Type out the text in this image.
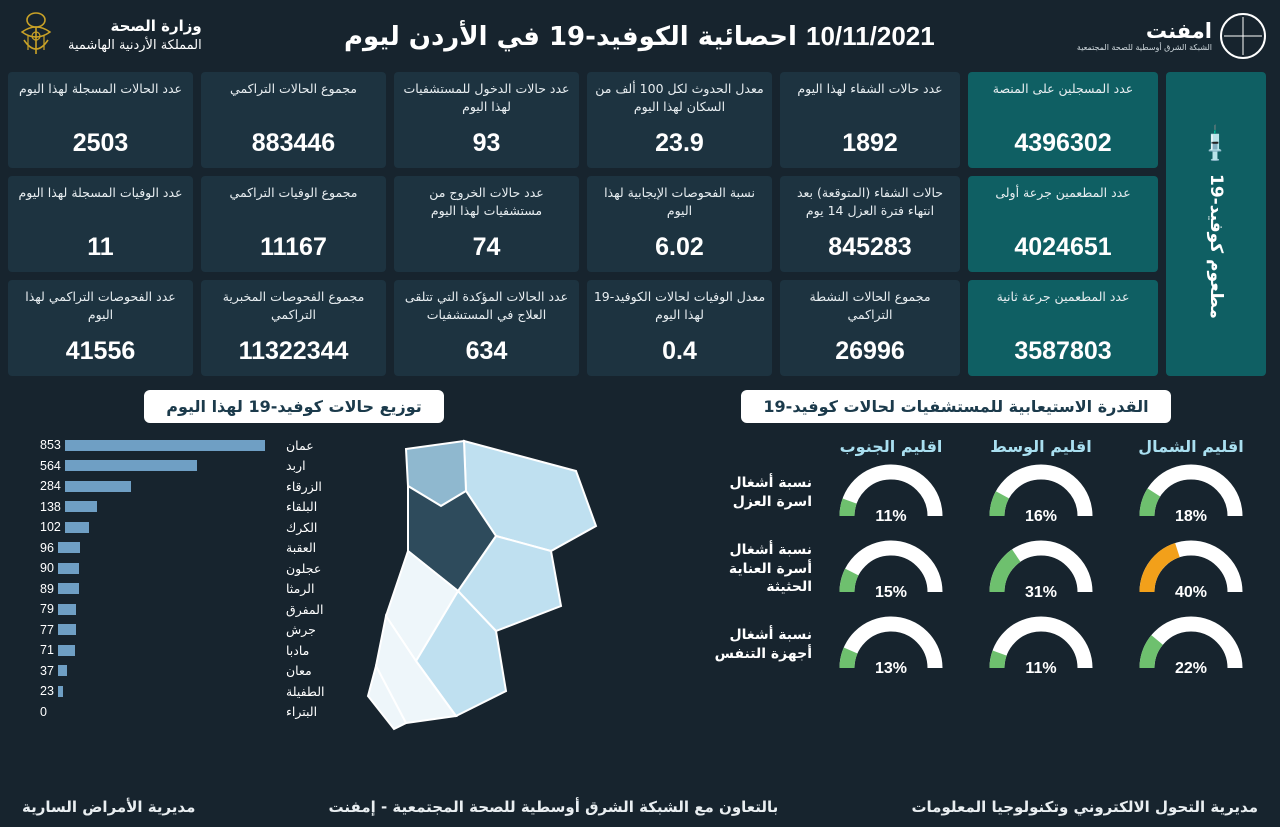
امفنت
الشبكة الشرق أوسطية للصحة المجتمعية
10/11/2021 احصائية الكوفيد-19 في الأردن ليوم
وزارة الصحة
المملكة الأردنية الهاشمية
💉
مطعوم كوفيد-19
عدد المسجلين على المنصة
4396302
عدد حالات الشفاء لهذا اليوم
1892
معدل الحدوث لكل 100 ألف من السكان لهذا اليوم
23.9
عدد حالات الدخول للمستشفيات لهذا اليوم
93
مجموع الحالات التراكمي
883446
عدد الحالات المسجلة لهذا اليوم
2503
عدد المطعمين جرعة أولى
4024651
حالات الشفاء (المتوقعة) بعد انتهاء فترة العزل 14 يوم
845283
نسبة الفحوصات الإيجابية لهذا اليوم
6.02
عدد حالات الخروج من مستشفيات لهذا اليوم
74
مجموع الوفيات التراكمي
11167
عدد الوفيات المسجلة لهذا اليوم
11
عدد المطعمين جرعة ثانية
3587803
مجموع الحالات النشطة التراكمي
26996
معدل الوفيات لحالات الكوفيد-19 لهذا اليوم
0.4
عدد الحالات المؤكدة التي تتلقى العلاج في المستشفيات
634
مجموع الفحوصات المخبرية التراكمي
11322344
عدد الفحوصات التراكمي لهذا اليوم
41556
القدرة الاستيعابية للمستشفيات لحالات كوفيد-19
توزيع حالات كوفيد-19 لهذا اليوم
اقليم الشمال
اقليم الوسط
اقليم الجنوب
18%
16%
11%
نسبة أشغال اسرة العزل
40%
31%
15%
نسبة أشغال أسرة العناية الحثيثة
22%
11%
13%
نسبة أشغال أجهزة التنفس
عمان
853
اربد
564
الزرقاء
284
البلقاء
138
الكرك
102
العقبة
96
عجلون
90
الرمثا
89
المفرق
79
جرش
77
مادبا
71
معان
37
الطفيلة
23
البتراء
0
مديرية التحول الالكتروني وتكنولوجيا المعلومات
بالتعاون مع الشبكة الشرق أوسطية للصحة المجتمعية - إمفنت
مديرية الأمراض السارية
